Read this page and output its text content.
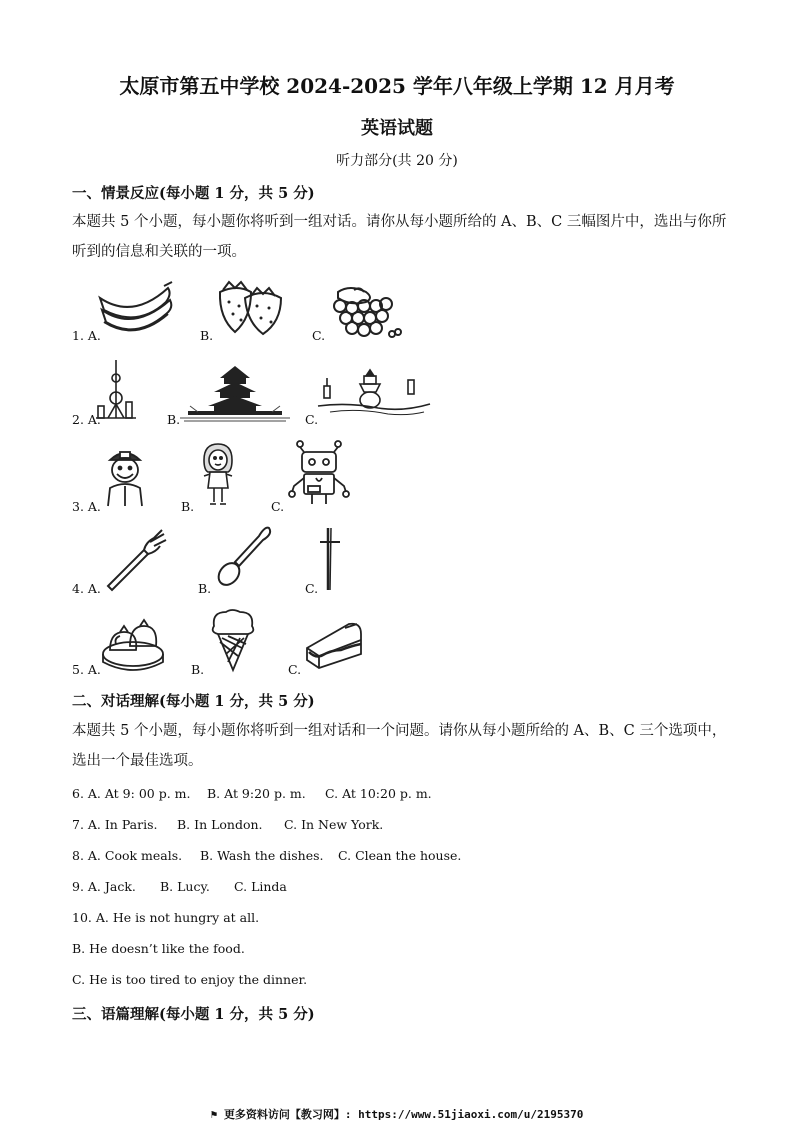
太原市第五中学校 2024-2025 学年八年级上学期 12 月月考
英语试题
听力部分(共 20 分)
一、情景反应(每小题 1 分，共 5 分)
本题共 5 个小题，每小题你将听到一组对话。请你从每小题所给的 A、B、C 三幅图片中，选出与你所听到的信息和关联的一项。
1. A.	B.	C.
2. A.	B.	C.
3. A.	B.	C.
4. A.	B.	C.
5. A.	B.	C.
二、对话理解(每小题 1 分，共 5 分)
本题共 5 个小题，每小题你将听到一组对话和一个问题。请你从每小题所给的 A、B、C 三个选项中，选出一个最佳选项。
6. A. At 9: 00 p. m. B. At 9:20 p. m. C. At 10:20 p. m.
7. A. In Paris. B. In London. C. In New York.
8. A. Cook meals. B. Wash the dishes. C. Clean the house.
9. A. Jack. B. Lucy. C. Linda
10. A. He is not hungry at all.
B. He doesn’t like the food.
C. He is too tired to enjoy the dinner.
三、语篇理解(每小题 1 分，共 5 分)
⚑ 更多资料访问【教习网】: https://www.51jiaoxi.com/u/2195370
